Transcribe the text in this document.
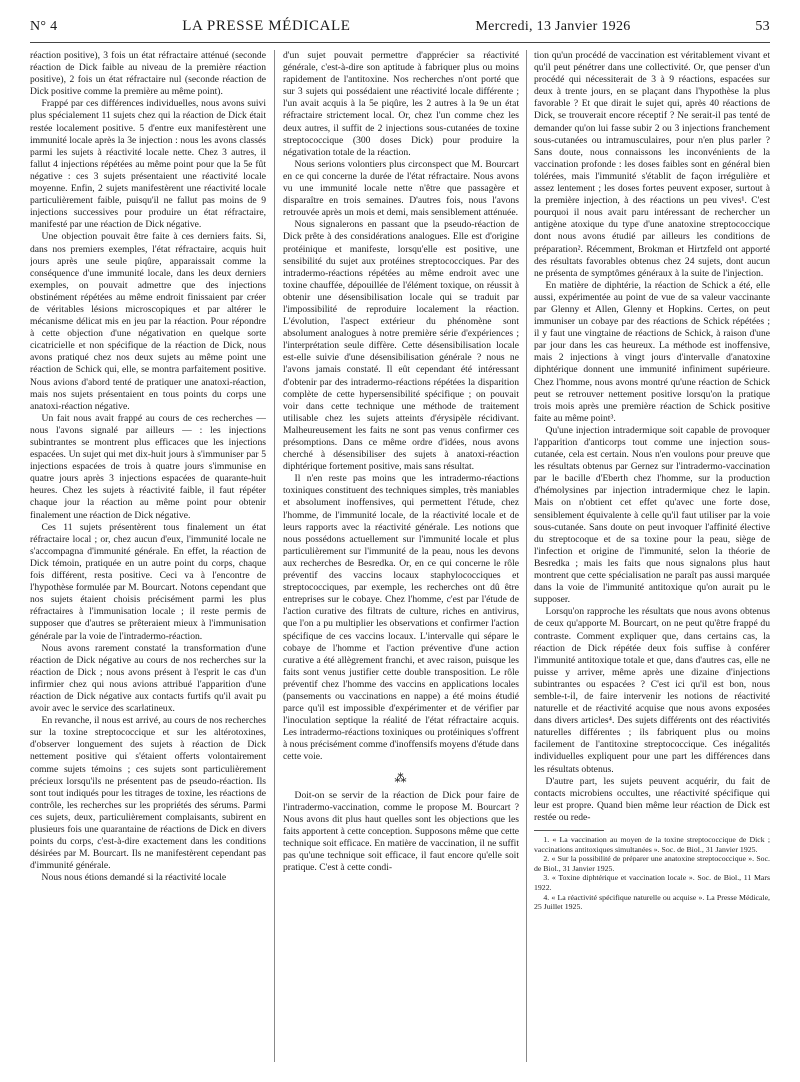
N° 4	LA PRESSE MÉDICALE	Mercredi, 13 Janvier 1926	53

réaction positive), 3 fois un état réfractaire atténué (seconde réaction de Dick faible au niveau de la première réaction positive), 2 fois un état réfractaire nul (seconde réaction de Dick positive comme la première au même point).

Frappé par ces différences individuelles, nous avons suivi plus spécialement 11 sujets chez qui la réaction de Dick était restée localement positive. 5 d'entre eux manifestèrent une immunité locale après la 3e injection : nous les avons classés parmi les sujets à réactivité locale nette. Chez 3 autres, il fallut 4 injections répétées au même point pour que la 5e fût négative : ces 3 sujets présentaient une réactivité locale moyenne. Enfin, 2 sujets manifestèrent une réactivité locale particulièrement faible, puisqu'il ne fallut pas moins de 9 injections successives pour produire un état réfractaire, manifesté par une réaction de Dick négative.

Une objection pouvait être faite à ces derniers faits. Si, dans nos premiers exemples, l'état réfractaire, acquis huit jours après une seule piqûre, apparaissait comme la conséquence d'une immunité locale, dans les deux derniers exemples, on pouvait admettre que des injections obstinément répétées au même endroit finissaient par créer de véritables lésions microscopiques et par altérer le mécanisme délicat mis en jeu par la réaction. Pour répondre à cette objection d'une négativation en quelque sorte cicatricielle et non spécifique de la réaction de Dick, nous avons pratiqué chez nos deux sujets au même point une réaction de Schick qui, elle, se montra parfaitement positive. Nous avions d'abord tenté de pratiquer une anatoxi-réaction, mais nos sujets présentaient en tous points du corps une anatoxi-réaction négative.

Un fait nous avait frappé au cours de ces recherches — nous l'avons signalé par ailleurs — : les injections subintrantes se montrent plus efficaces que les injections espacées. Un sujet qui met dix-huit jours à s'immuniser par 5 injections espacées de trois à quatre jours s'immunise en quatre jours après 3 injections espacées de quarante-huit heures. Chez les sujets à réactivité faible, il faut répéter chaque jour la réaction au même point pour obtenir finalement une réaction de Dick négative.

Ces 11 sujets présentèrent tous finalement un état réfractaire local ; or, chez aucun d'eux, l'immunité locale ne s'accompagna d'immunité générale. En effet, la réaction de Dick témoin, pratiquée en un autre point du corps, chaque fois différent, resta positive. Ceci va à l'encontre de l'hypothèse formulée par M. Bourcart. Notons cependant que nos sujets étaient choisis précisément parmi les plus réfractaires à l'immunisation locale ; il reste permis de supposer que d'autres se prêteraient mieux à l'immunisation générale par la voie de l'intradermo-réaction.

Nous avons rarement constaté la transformation d'une réaction de Dick négative au cours de nos recherches sur la réaction de Dick ; nous avons présent à l'esprit le cas d'un infirmier chez qui nous avions attribué l'apparition d'une réaction de Dick négative aux contacts furtifs qu'il avait pu avoir avec le service des scarlatineux.

En revanche, il nous est arrivé, au cours de nos recherches sur la toxine streptococcique et sur les altérotoxines, d'observer longuement des sujets à réaction de Dick nettement positive qui s'étaient offerts volontairement comme sujets témoins ; ces sujets sont particulièrement précieux lorsqu'ils ne présentent pas de pseudo-réaction. Ils sont tout indiqués pour les titrages de toxine, les réactions de contrôle, les recherches sur les propriétés des sérums. Parmi ces sujets, deux, particulièrement complaisants, subirent en plusieurs fois une quarantaine de réactions de Dick en divers points du corps, c'est-à-dire exactement dans les conditions désirées par M. Bourcart. Ils ne manifestèrent cependant pas d'immunité générale.

Nous nous étions demandé si la réactivité locale

d'un sujet pouvait permettre d'apprécier sa réactivité générale, c'est-à-dire son aptitude à fabriquer plus ou moins rapidement de l'antitoxine. Nos recherches n'ont porté que sur 3 sujets qui possédaient une réactivité locale différente ; l'un avait acquis à la 5e piqûre, les 2 autres à la 9e un état réfractaire strictement local. Or, chez l'un comme chez les deux autres, il suffit de 2 injections sous-cutanées de toxine streptococcique (300 doses Dick) pour produire la négativation totale de la réaction.

Nous serions volontiers plus circonspect que M. Bourcart en ce qui concerne la durée de l'état réfractaire. Nous avons vu une immunité locale nette n'être que passagère et disparaître en trois semaines. D'autres fois, nous l'avons retrouvée après un mois et demi, mais sensiblement atténuée.

Nous signalerons en passant que la pseudo-réaction de Dick prête à des considérations analogues. Elle est d'origine protéinique et manifeste, lorsqu'elle est positive, une sensibilité du sujet aux protéines streptococciques. Par des intradermo-réactions répétées au même endroit avec une toxine chauffée, dépouillée de l'élément toxique, on réussit à obtenir une désensibilisation locale qui se traduit par l'impossibilité de reproduire localement la réaction. L'évolution, l'aspect extérieur du phénomène sont absolument analogues à notre première série d'expériences ; l'interprétation seule diffère. Cette désensibilisation locale est-elle suivie d'une désensibilisation générale ? nous ne l'avons jamais constaté. Il eût cependant été intéressant d'obtenir par des intradermo-réactions répétées la disparition complète de cette hypersensibilité spécifique ; on pouvait voir dans cette technique une méthode de traitement utilisable chez les sujets atteints d'érysipèle récidivant. Malheureusement les faits ne sont pas venus confirmer ces présomptions. Dans ce même ordre d'idées, nous avons cherché à désensibiliser des sujets à anatoxi-réaction diphtérique fortement positive, mais sans résultat.

Il n'en reste pas moins que les intradermo-réactions toxiniques constituent des techniques simples, très maniables et absolument inoffensives, qui permettent l'étude, chez l'homme, de l'immunité locale, de la réactivité locale et de leurs rapports avec la réactivité générale. Les notions que nous possédons actuellement sur l'immunité locale et plus particulièrement sur l'immunité de la peau, nous les devons aux recherches de Besredka. Or, en ce qui concerne le rôle préventif des vaccins locaux staphylococciques et streptococciques, par exemple, les recherches ont dû être entreprises sur le cobaye. Chez l'homme, c'est par l'étude de l'action curative des filtrats de culture, riches en antivirus, que l'on a pu multiplier les observations et confirmer l'action spécifique de ces vaccins locaux. L'intervalle qui sépare le cobaye de l'homme et l'action préventive d'une action curative a été allègrement franchi, et avec raison, puisque les faits sont venus justifier cette double transposition. Le rôle préventif chez l'homme des vaccins en applications locales (pansements ou vaccinations en nappe) a été moins étudié parce qu'il est impossible d'expérimenter et de vérifier par l'inoculation septique la réalité de l'état réfractaire acquis. Les intradermo-réactions toxiniques ou protéiniques s'offrent à nous précisément comme d'inoffensifs moyens d'étude dans cette voie.

⁂

Doit-on se servir de la réaction de Dick pour faire de l'intradermo-vaccination, comme le propose M. Bourcart ? Nous avons dit plus haut quelles sont les objections que les faits apportent à cette conception. Supposons même que cette technique soit efficace. En matière de vaccination, il ne suffit pas qu'une technique soit efficace, il faut encore qu'elle soit pratique. C'est à cette condi-

tion qu'un procédé de vaccination est véritablement vivant et qu'il peut pénétrer dans une collectivité. Or, que penser d'un procédé qui nécessiterait de 3 à 9 réactions, espacées sur deux à trente jours, en se plaçant dans l'hypothèse la plus favorable ? Et que dirait le sujet qui, après 40 réactions de Dick, se trouverait encore réceptif ? Ne serait-il pas tenté de demander qu'on lui fasse subir 2 ou 3 injections franchement sous-cutanées ou intramusculaires, pour n'en plus parler ? Sans doute, nous connaissons les inconvénients de la vaccination profonde : les doses faibles sont en général bien tolérées, mais l'immunité s'établit de façon irrégulière et assez lentement ; les doses fortes peuvent exposer, surtout à la première injection, à des réactions un peu vives¹. C'est pourquoi il nous avait paru intéressant de rechercher un antigène atoxique du type d'une anatoxine streptococcique dont nous avons étudié par ailleurs les conditions de préparation². Récemment, Brokman et Hirtzfeld ont apporté des résultats favorables obtenus chez 24 sujets, dont aucun ne présenta de symptômes généraux à la suite de l'injection.

En matière de diphtérie, la réaction de Schick a été, elle aussi, expérimentée au point de vue de sa valeur vaccinante par Glenny et Allen, Glenny et Hopkins. Certes, on peut immuniser un cobaye par des réactions de Schick répétées ; il y faut une vingtaine de réactions de Schick, à raison d'une par jour dans les cas heureux. La méthode est inoffensive, mais 2 injections à vingt jours d'intervalle d'anatoxine diphtérique donnent une immunité infiniment supérieure. Chez l'homme, nous avons montré qu'une réaction de Schick peut se retrouver nettement positive lorsqu'on la pratique trois mois après une première réaction de Schick positive faite au même point³.

Qu'une injection intradermique soit capable de provoquer l'apparition d'anticorps tout comme une injection sous-cutanée, cela est certain. Nous n'en voulons pour preuve que les résultats obtenus par Gernez sur l'intradermo-vaccination par le bacille d'Eberth chez l'homme, sur la production d'hémolysines par injection intradermique chez le lapin. Mais on n'obtient cet effet qu'avec une forte dose, sensiblement équivalente à celle qu'il faut utiliser par la voie sous-cutanée. Sans doute on peut invoquer l'affinité élective du streptocoque et de sa toxine pour la peau, siège de l'infection et origine de l'immunité, selon la théorie de Besredka ; mais les faits que nous signalons plus haut montrent que cette spécialisation ne paraît pas aussi marquée dans la voie de l'immunité antitoxique qu'on aurait pu le supposer.

Lorsqu'on rapproche les résultats que nous avons obtenus de ceux qu'apporte M. Bourcart, on ne peut qu'être frappé du contraste. Comment expliquer que, dans certains cas, la réaction de Dick répétée deux fois suffise à conférer l'immunité antitoxique totale et que, dans d'autres cas, elle ne puisse y arriver, même après une dizaine d'injections subintrantes ou espacées ? C'est ici qu'il est bon, nous semble-t-il, de faire intervenir les notions de réactivité naturelle et de réactivité acquise que nous avons exposées dans divers articles⁴. Des sujets différents ont des réactivités naturelles différentes ; ils fabriquent plus ou moins facilement de l'antitoxine streptococcique. Ces inégalités individuelles expliquent pour une part les différences dans les résultats obtenus.

D'autre part, les sujets peuvent acquérir, du fait de contacts microbiens occultes, une réactivité spécifique qui leur est propre. Quand bien même leur réaction de Dick est restée ou rede-

1. « La vaccination au moyen de la toxine streptococcique de Dick ; vaccinations antitoxiques simultanées ». Soc. de Biol., 31 Janvier 1925.

2. « Sur la possibilité de préparer une anatoxine streptococcique ». Soc. de Biol., 31 Janvier 1925.

3. « Toxine diphtérique et vaccination locale ». Soc. de Biol., 11 Mars 1922.

4. « La réactivité spécifique naturelle ou acquise ». La Presse Médicale, 25 Juillet 1925.
